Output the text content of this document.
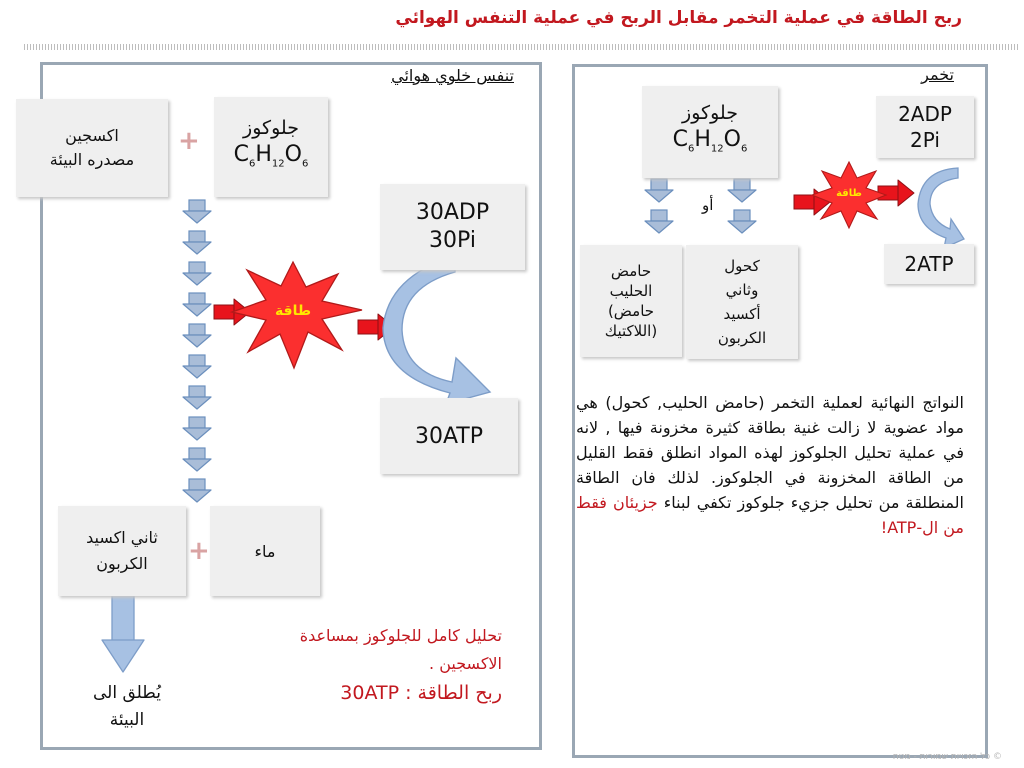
ربح الطاقة في عملية التخمر مقابل الربح في عملية التنفس الهوائي
تنفس خلوي هوائي
اكسجين
مصدره البيئة
+ جلوكوز
$C_6H_{12}O_6$
30ADP
30Pi
طاقة
30ATP
ثاني اكسيد
الكربون +	ماء
يُطلق الى
البيئة
تحليل كامل للجلوكوز بمساعدة
الاكسجين .
ربح الطاقة : 30ATP
تخمر
جلوكوز
$C_6H_{12}O_6$
أو
حامض
الحليب
(حامض
اللاكتيك)
كحول
وثاني
أكسيد
الكربون
2ADP
2Pi
طاقة
2ATP
النواتج النهائية لعملية التخمر (حامض الحليب, كحول) هي مواد عضوية لا زالت غنية بطاقة كثيرة مخزونة فيها , لانه في عملية تحليل الجلوكوز لهذه المواد انطلق فقط القليل من الطاقة المخزونة في الجلوكوز. لذلك فان الطاقة المنطلقة من تحليل جزيء جلوكوز تكفي لبناء جزيئان فقط من ال-ATP!
© כל הזכויות שמורות - מטח
